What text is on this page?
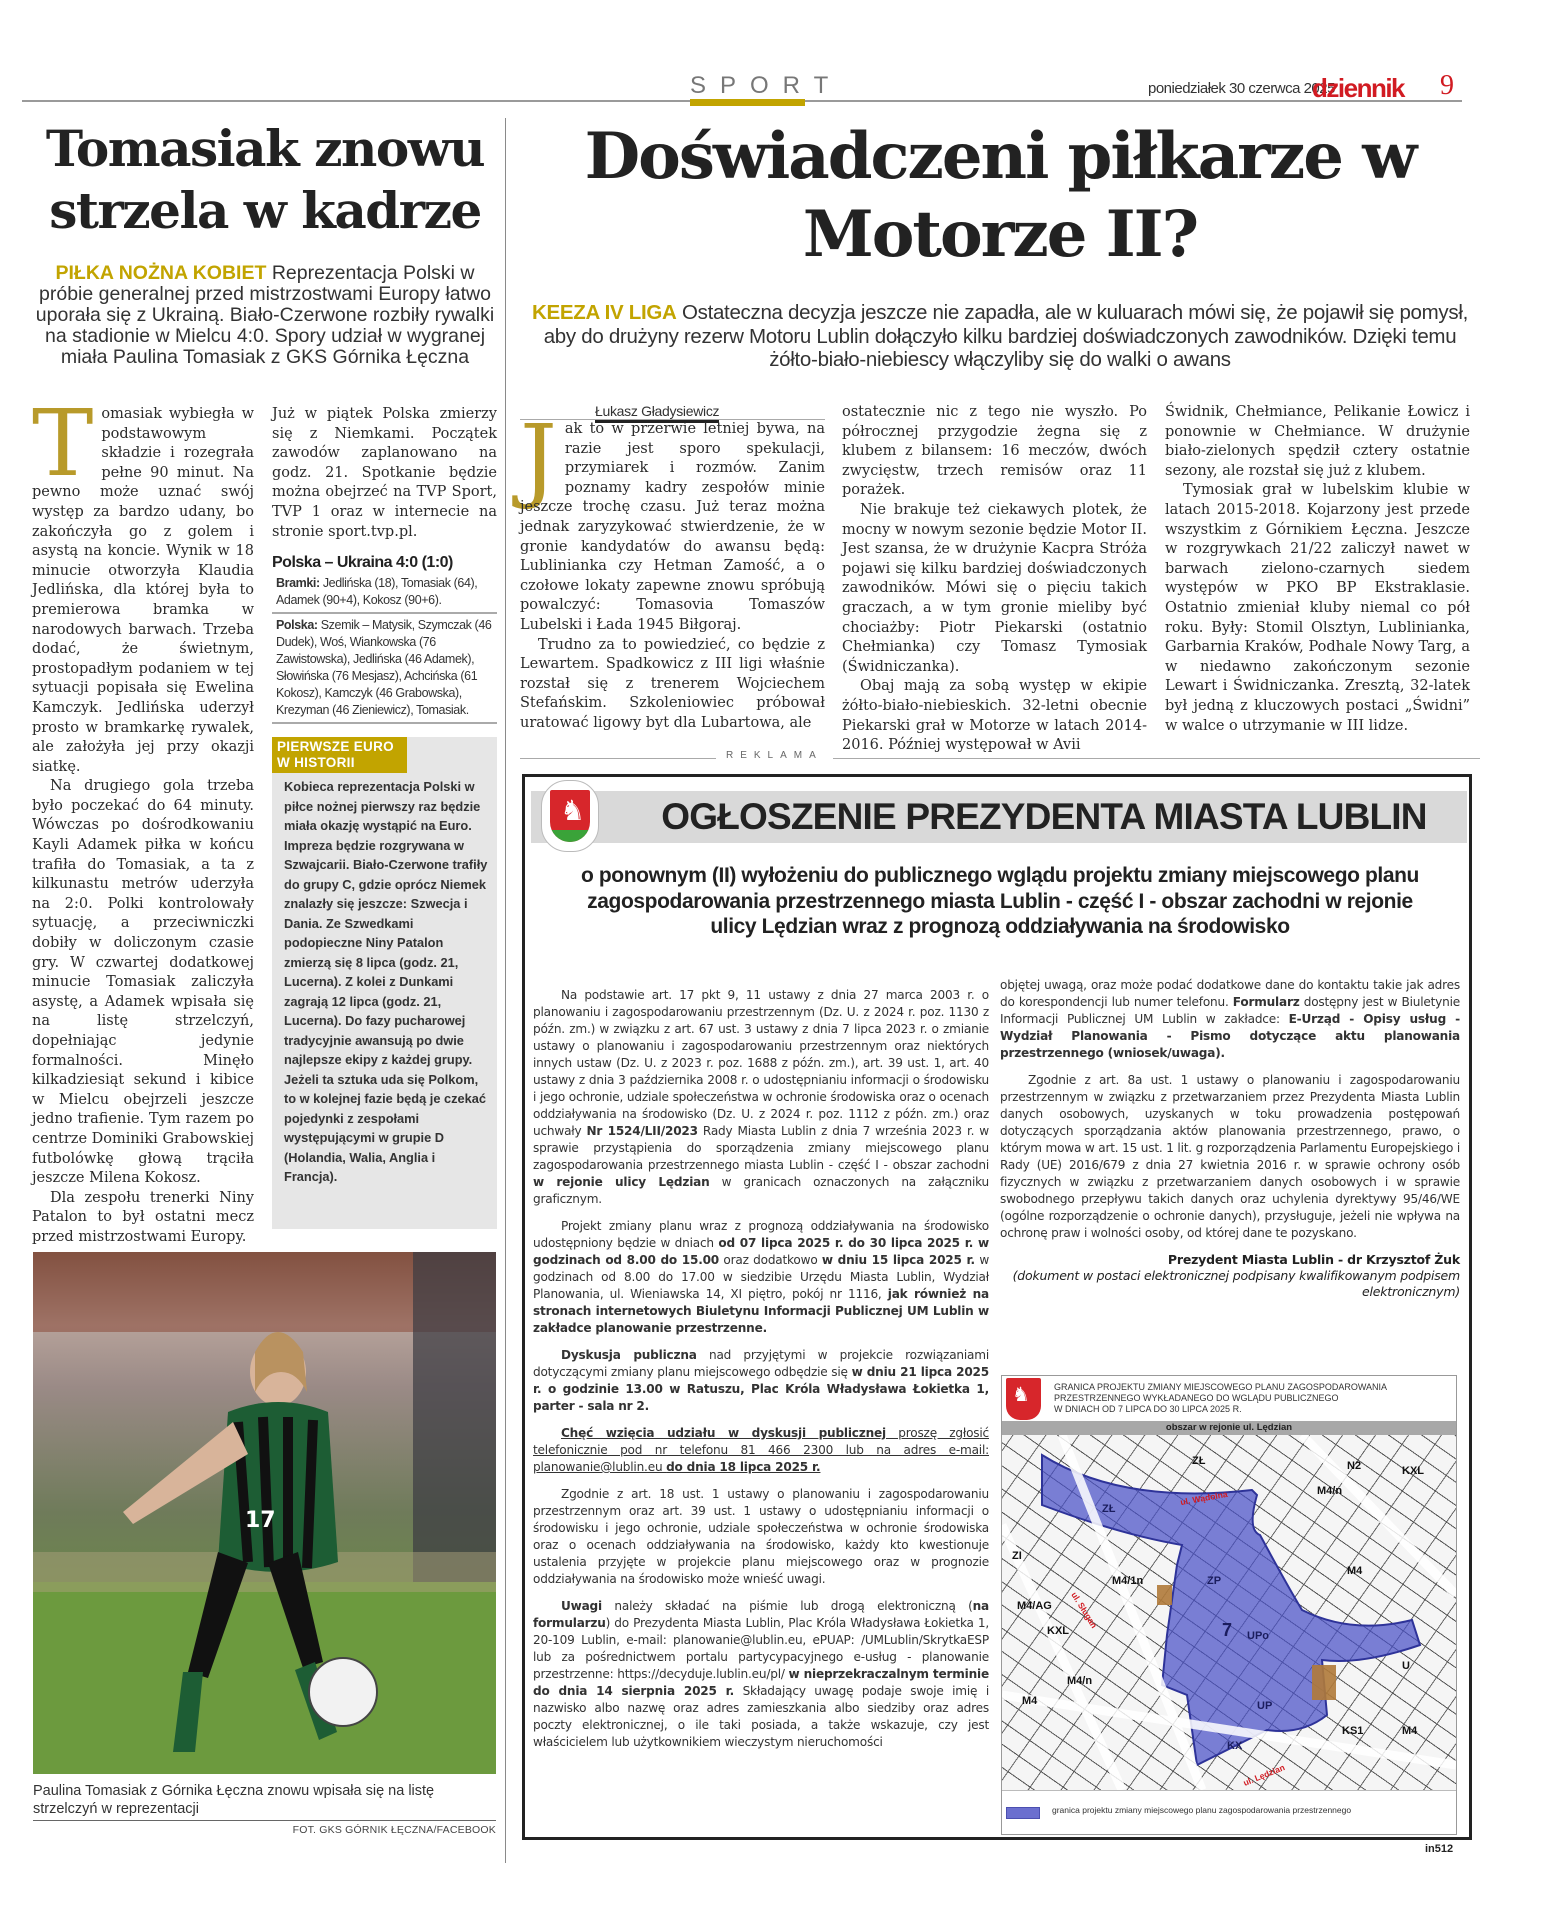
SPORT	poniedziałek 30 czerwca 2025
dziennik 9
Tomasiak znowu strzela w kadrze
PIŁKA NOŻNA KOBIET Reprezentacja Polski w próbie generalnej przed mistrzostwami Europy łatwo uporała się z Ukrainą. Biało-Czerwone rozbiły rywalki na stadionie w Mielcu 4:0. Spory udział w wygranej miała Paulina Tomasiak z GKS Górnika Łęczna

Tomasiak wybiegła w podstawowym składzie i rozegrała pełne 90 minut. Na pewno może uznać swój występ za bardzo udany, bo zakończyła go z golem i asystą na koncie. Wynik w 18 minucie otworzyła Klaudia Jedlińska, dla której była to premierowa bramka w narodowych barwach. Trzeba dodać, że świetnym, prostopadłym podaniem w tej sytuacji popisała się Ewelina Kamczyk. Jedlińska uderzył prosto w bramkarkę rywalek, ale założyła jej przy okazji siatkę.

Na drugiego gola trzeba było poczekać do 64 minuty. Wówczas po dośrodkowaniu Kayli Adamek piłka w końcu trafiła do Tomasiak, a ta z kilkunastu metrów uderzyła na 2:0. Polki kontrolowały sytuację, a przeciwniczki dobiły w doliczonym czasie gry. W czwartej dodatkowej minucie Tomasiak zaliczyła asystę, a Adamek wpisała się na listę strzelczyń, dopełniając jedynie formalności. Minęło kilkadziesiąt sekund i kibice w Mielcu obejrzeli jeszcze jedno trafienie. Tym razem po centrze Dominiki Grabowskiej futbolówkę głową trąciła jeszcze Milena Kokosz.

Dla zespołu trenerki Niny Patalon to był ostatni mecz przed mistrzostwami Europy.

Już w piątek Polska zmierzy się z Niemkami. Początek zawodów zaplanowano na godz. 21. Spotkanie będzie można obejrzeć na TVP Sport, TVP 1 oraz w internecie na stronie sport.tvp.pl.

Polska – Ukraina 4:0 (1:0)
Bramki: Jedlińska (18), Tomasiak (64), Adamek (90+4), Kokosz (90+6).
Polska: Szemik – Matysik, Szymczak (46 Dudek), Woś, Wiankowska (76 Zawistowska), Jedlińska (46 Adamek), Słowińska (76 Mesjasz), Achcińska (61 Kokosz), Kamczyk (46 Grabowska), Krezyman (46 Zieniewicz), Tomasiak.
PIERWSZE EURO W HISTORII
Kobieca reprezentacja Polski w piłce nożnej pierwszy raz będzie miała okazję wystąpić na Euro. Impreza będzie rozgrywana w Szwajcarii. Biało-Czerwone trafiły do grupy C, gdzie oprócz Niemek znalazły się jeszcze: Szwecja i Dania. Ze Szwedkami podopieczne Niny Patalon zmierzą się 8 lipca (godz. 21, Lucerna). Z kolei z Dunkami zagrają 12 lipca (godz. 21, Lucerna). Do fazy pucharowej tradycyjnie awansują po dwie najlepsze ekipy z każdej grupy. Jeżeli ta sztuka uda się Polkom, to w kolejnej fazie będą je czekać pojedynki z zespołami występującymi w grupie D (Holandia, Walia, Anglia i Francja).
17
Paulina Tomasiak z Górnika Łęczna znowu wpisała się na listę strzelczyń w reprezentacji
FOT. GKS GÓRNIK ŁĘCZNA/FACEBOOK
Doświadczeni piłkarze w Motorze II?
KEEZA IV LIGA Ostateczna decyzja jeszcze nie zapadła, ale w kuluarach mówi się, że pojawił się pomysł, aby do drużyny rezerw Motoru Lublin dołączyło kilku bardziej doświadczonych zawodników. Dzięki temu żółto-biało-niebiescy włączyliby się do walki o awans
Łukasz Gładysiewicz

Jak to w przerwie letniej bywa, na razie jest sporo spekulacji, przymiarek i rozmów. Zanim poznamy kadry zespołów minie jeszcze trochę czasu. Już teraz można jednak zaryzykować stwierdzenie, że w gronie kandydatów do awansu będą: Lublinianka czy Hetman Zamość, a o czołowe lokaty zapewne znowu spróbują powalczyć: Tomasovia Tomaszów Lubelski i Łada 1945 Biłgoraj.

Trudno za to powiedzieć, co będzie z Lewartem. Spadkowicz z III ligi właśnie rozstał się z trenerem Wojciechem Stefańskim. Szkoleniowiec próbował uratować ligowy byt dla Lubartowa, ale

ostatecznie nic z tego nie wyszło. Po półrocznej przygodzie żegna się z klubem z bilansem: 16 meczów, dwóch zwycięstw, trzech remisów oraz 11 porażek.

Nie brakuje też ciekawych plotek, że mocny w nowym sezonie będzie Motor II. Jest szansa, że w drużynie Kacpra Stróża pojawi się kilku bardziej doświadczonych zawodników. Mówi się o pięciu takich graczach, a w tym gronie mieliby być chociażby: Piotr Piekarski (ostatnio Chełmianka) czy Tomasz Tymosiak (Świdniczanka).

Obaj mają za sobą występ w ekipie żółto-biało-niebieskich. 32-letni obecnie Piekarski grał w Motorze w latach 2014-2016. Później występował w Avii

Świdnik, Chełmiance, Pelikanie Łowicz i ponownie w Chełmiance. W drużynie biało-zielonych spędził cztery ostatnie sezony, ale rozstał się już z klubem.

Tymosiak grał w lubelskim klubie w latach 2015-2018. Kojarzony jest przede wszystkim z Górnikiem Łęczna. Jeszcze w rozgrywkach 21/22 zaliczył nawet w barwach zielono-czarnych siedem występów w PKO BP Ekstraklasie. Ostatnio zmieniał kluby niemal co pół roku. Były: Stomil Olsztyn, Lublinianka, Garbarnia Kraków, Podhale Nowy Targ, a w niedawno zakończonym sezonie Lewart i Świdniczanka. Zresztą, 32-latek był jedną z kluczowych postaci „Świdni” w walce o utrzymanie w III lidze.

REKLAMA
OGŁOSZENIE PREZYDENTA MIASTA LUBLIN
♞
o ponownym (II) wyłożeniu do publicznego wglądu projektu zmiany miejscowego planu zagospodarowania przestrzennego miasta Lublin - część I - obszar zachodni w rejonie ulicy Lędzian wraz z prognozą oddziaływania na środowisko

Na podstawie art. 17 pkt 9, 11 ustawy z dnia 27 marca 2003 r. o planowaniu i zagospodarowaniu przestrzennym (Dz. U. z 2024 r. poz. 1130 z późn. zm.) w związku z art. 67 ust. 3 ustawy z dnia 7 lipca 2023 r. o zmianie ustawy o planowaniu i zagospodarowaniu przestrzennym oraz niektórych innych ustaw (Dz. U. z 2023 r. poz. 1688 z późn. zm.), art. 39 ust. 1, art. 40 ustawy z dnia 3 października 2008 r. o udostępnianiu informacji o środowisku i jego ochronie, udziale społeczeństwa w ochronie środowiska oraz o ocenach oddziaływania na środowisko (Dz. U. z 2024 r. poz. 1112 z późn. zm.) oraz uchwały Nr 1524/LII/2023 Rady Miasta Lublin z dnia 7 września 2023 r. w sprawie przystąpienia do sporządzenia zmiany miejscowego planu zagospodarowania przestrzennego miasta Lublin - część I - obszar zachodni w rejonie ulicy Lędzian w granicach oznaczonych na załączniku graficznym.

Projekt zmiany planu wraz z prognozą oddziaływania na środowisko udostępniony będzie w dniach od 07 lipca 2025 r. do 30 lipca 2025 r. w godzinach od 8.00 do 15.00 oraz dodatkowo w dniu 15 lipca 2025 r. w godzinach od 8.00 do 17.00 w siedzibie Urzędu Miasta Lublin, Wydział Planowania, ul. Wieniawska 14, XI piętro, pokój nr 1116, jak również na stronach internetowych Biuletynu Informacji Publicznej UM Lublin w zakładce planowanie przestrzenne.

Dyskusja publiczna nad przyjętymi w projekcie rozwiązaniami dotyczącymi zmiany planu miejscowego odbędzie się w dniu 21 lipca 2025 r. o godzinie 13.00 w Ratuszu, Plac Króla Władysława Łokietka 1, parter - sala nr 2.

Chęć wzięcia udziału w dyskusji publicznej proszę zgłosić telefonicznie pod nr telefonu 81 466 2300 lub na adres e-mail: planowanie@lublin.eu do dnia 18 lipca 2025 r.

Zgodnie z art. 18 ust. 1 ustawy o planowaniu i zagospodarowaniu przestrzennym oraz art. 39 ust. 1 ustawy o udostępnianiu informacji o środowisku i jego ochronie, udziale społeczeństwa w ochronie środowiska oraz o ocenach oddziaływania na środowisko, każdy kto kwestionuje ustalenia przyjęte w projekcie planu miejscowego oraz w prognozie oddziaływania na środowisko może wnieść uwagi.

Uwagi należy składać na piśmie lub drogą elektroniczną (na formularzu) do Prezydenta Miasta Lublin, Plac Króla Władysława Łokietka 1, 20-109 Lublin, e-mail: planowanie@lublin.eu, ePUAP: /UMLublin/SkrytkaESP lub za pośrednictwem portalu partycypacyjnego e-usług - planowanie przestrzenne: https://decyduje.lublin.eu/pl/ w nieprzekraczalnym terminie do dnia 14 sierpnia 2025 r. Składający uwagę podaje swoje imię i nazwisko albo nazwę oraz adres zamieszkania albo siedziby oraz adres poczty elektronicznej, o ile taki posiada, a także wskazuje, czy jest właścicielem lub użytkownikiem wieczystym nieruchomości

objętej uwagą, oraz może podać dodatkowe dane do kontaktu takie jak adres do korespondencji lub numer telefonu. Formularz dostępny jest w Biuletynie Informacji Publicznej UM Lublin w zakładce: E-Urząd - Opisy usług - Wydział Planowania - Pismo dotyczące aktu planowania przestrzennego (wniosek/uwaga).

Zgodnie z art. 8a ust. 1 ustawy o planowaniu i zagospodarowaniu przestrzennym w związku z przetwarzaniem przez Prezydenta Miasta Lublin danych osobowych, uzyskanych w toku prowadzenia postępowań dotyczących sporządzania aktów planowania przestrzennego, prawo, o którym mowa w art. 15 ust. 1 lit. g rozporządzenia Parlamentu Europejskiego i Rady (UE) 2016/679 z dnia 27 kwietnia 2016 r. w sprawie ochrony osób fizycznych w związku z przetwarzaniem danych osobowych i w sprawie swobodnego przepływu takich danych oraz uchylenia dyrektywy 95/46/WE (ogólne rozporządzenie o ochronie danych), przysługuje, jeżeli nie wpływa na ochronę praw i wolności osoby, od której dane te pozyskano.

Prezydent Miasta Lublin - dr Krzysztof Żuk
(dokument w postaci elektronicznej podpisany kwalifikowanym podpisem elektronicznym)
♞	GRANICA PROJEKTU ZMIANY MIEJSCOWEGO PLANU ZAGOSPODAROWANIA
PRZESTRZENNEGO WYKŁADANEGO DO WGLĄDU PUBLICZNEGO
W DNIACH OD 7 LIPCA DO 30 LIPCA 2025 R.
obszar w rejonie ul. Lędzian
ZŁ
ZŁ
ZP
UPo
UP
7
M4/1n
M4/AG
KXL
M4
M4
KX
U
KS1
N2
M4/n
M4/n
ZI
KXL
M4
ul. Wądolna
ul. Sługan
ul. Lędzian
granica projektu zmiany miejscowego planu zagospodarowania przestrzennego
in512
